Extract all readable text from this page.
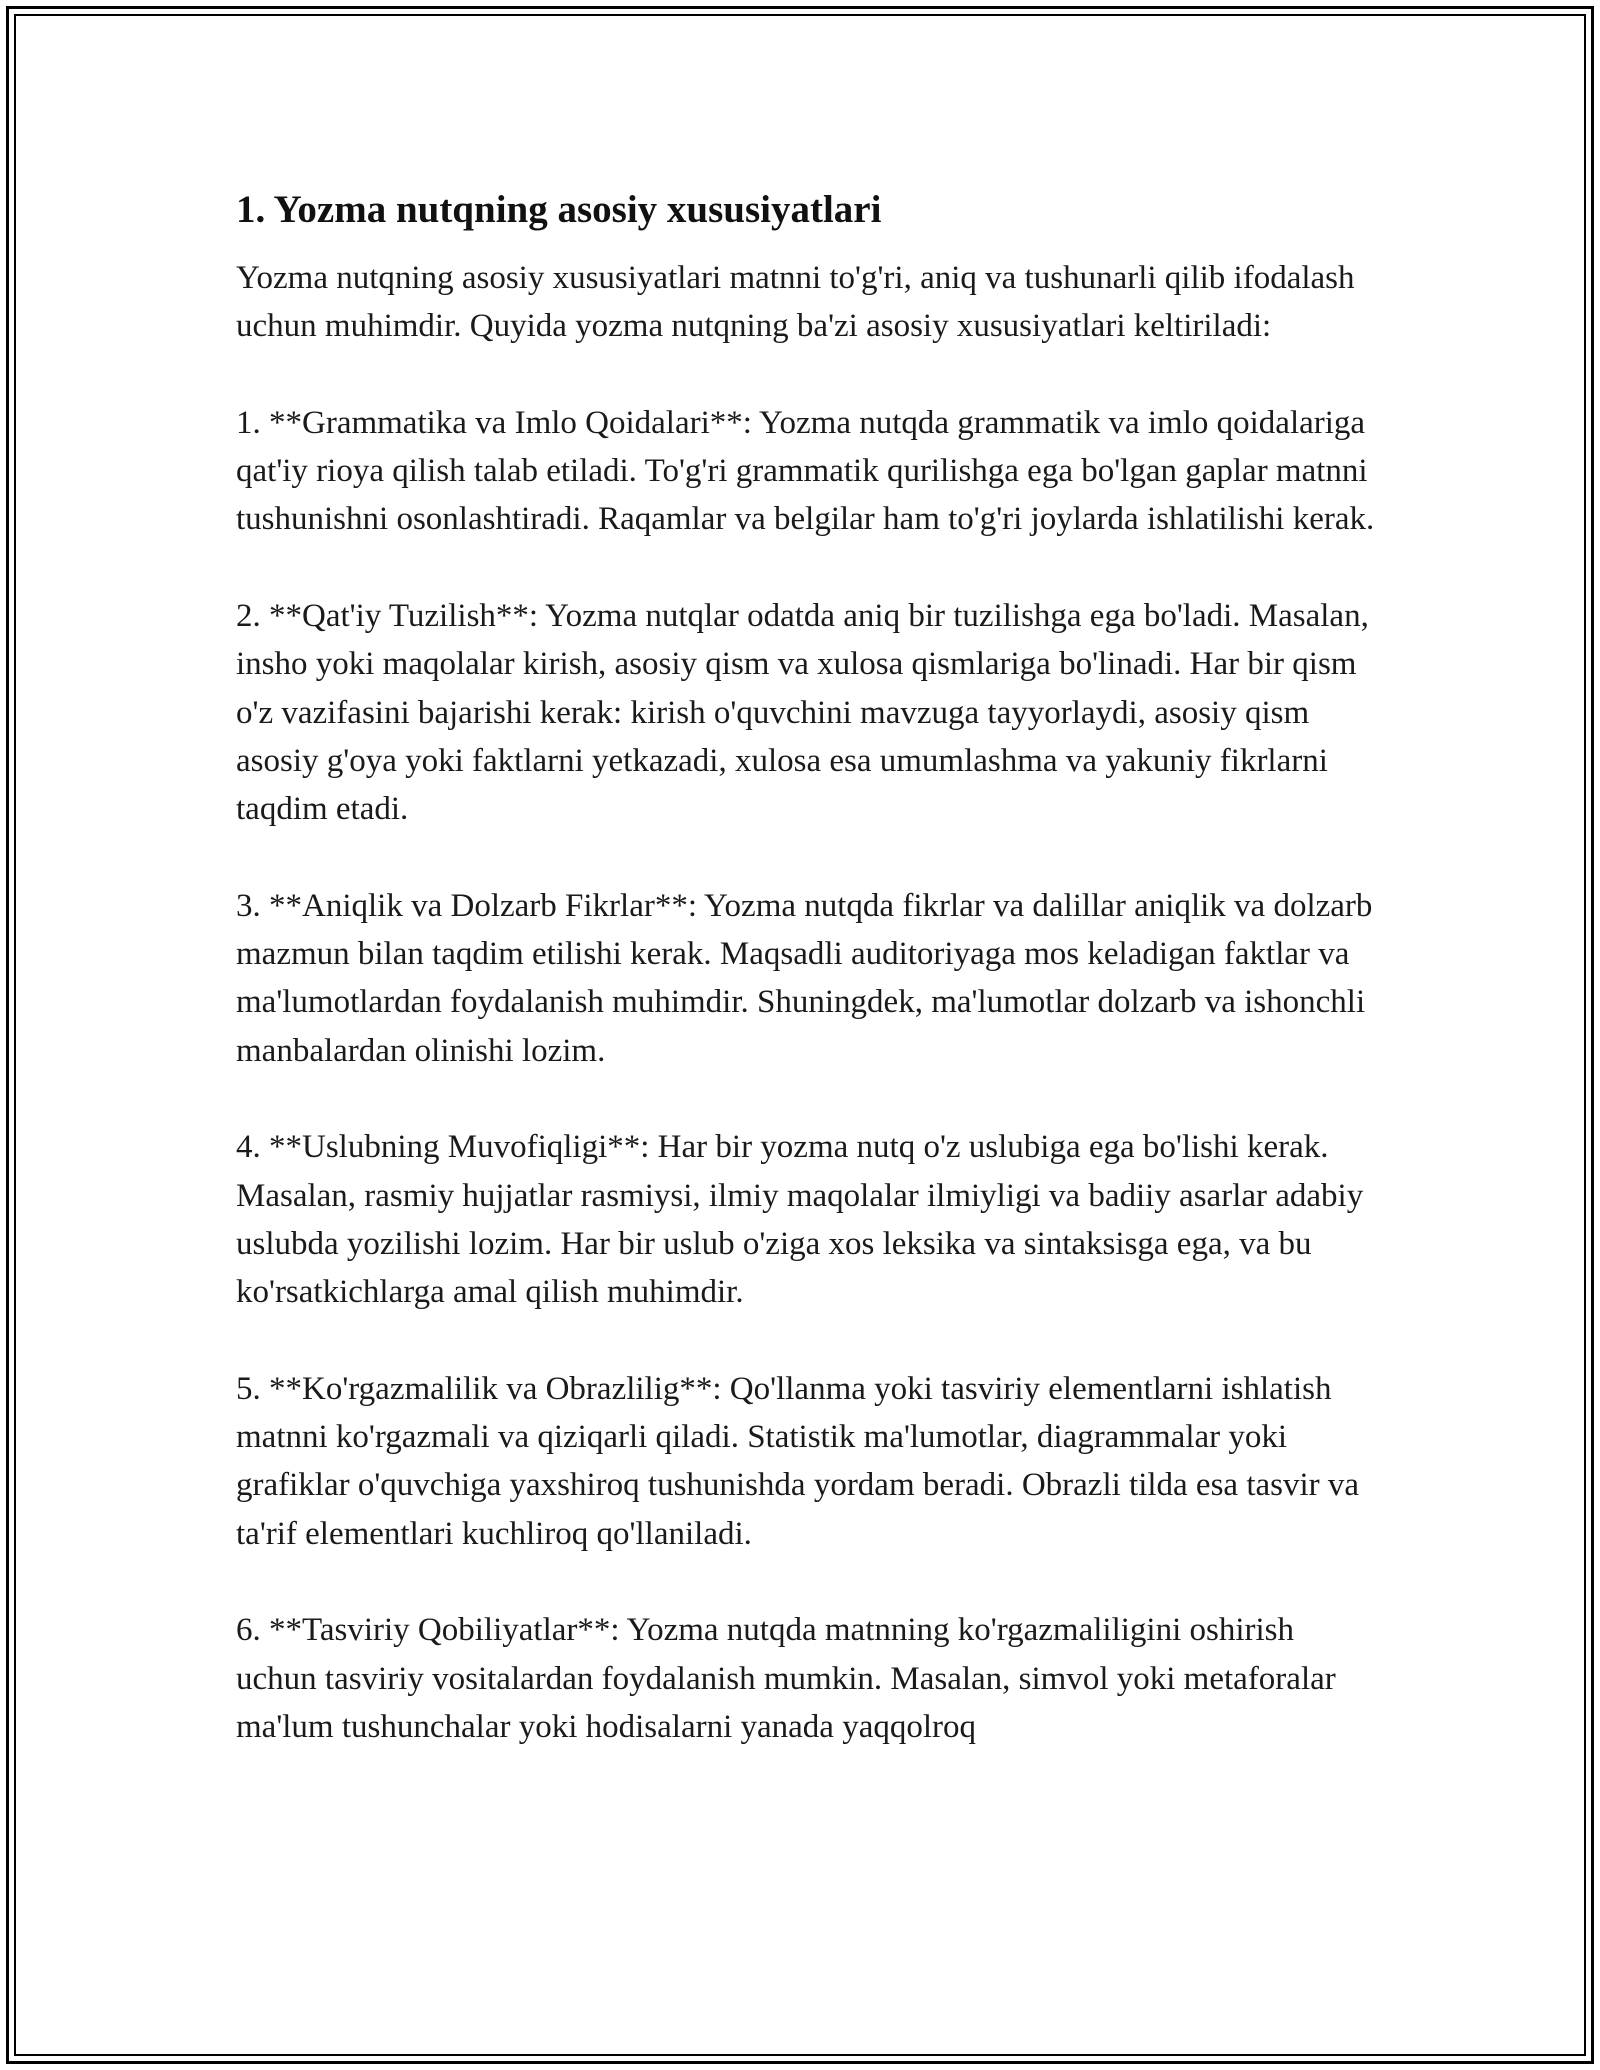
1. Yozma nutqning asosiy xususiyatlari

Yozma nutqning asosiy xususiyatlari matnni to'g'ri, aniq va tushunarli qilib ifodalash uchun muhimdir. Quyida yozma nutqning ba'zi asosiy xususiyatlari keltiriladi:

1. **Grammatika va Imlo Qoidalari**: Yozma nutqda grammatik va imlo qoidalariga qat'iy rioya qilish talab etiladi. To'g'ri grammatik qurilishga ega bo'lgan gaplar matnni tushunishni osonlashtiradi. Raqamlar va belgilar ham to'g'ri joylarda ishlatilishi kerak.

2. **Qat'iy Tuzilish**: Yozma nutqlar odatda aniq bir tuzilishga ega bo'ladi. Masalan, insho yoki maqolalar kirish, asosiy qism va xulosa qismlariga bo'linadi. Har bir qism o'z vazifasini bajarishi kerak: kirish o'quvchini mavzuga tayyorlaydi, asosiy qism asosiy g'oya yoki faktlarni yetkazadi, xulosa esa umumlashma va yakuniy fikrlarni taqdim etadi.

3. **Aniqlik va Dolzarb Fikrlar**: Yozma nutqda fikrlar va dalillar aniqlik va dolzarb mazmun bilan taqdim etilishi kerak. Maqsadli auditoriyaga mos keladigan faktlar va ma'lumotlardan foydalanish muhimdir. Shuningdek, ma'lumotlar dolzarb va ishonchli manbalardan olinishi lozim.

4. **Uslubning Muvofiqligi**: Har bir yozma nutq o'z uslubiga ega bo'lishi kerak. Masalan, rasmiy hujjatlar rasmiysi, ilmiy maqolalar ilmiyligi va badiiy asarlar adabiy uslubda yozilishi lozim. Har bir uslub o'ziga xos leksika va sintaksisga ega, va bu ko'rsatkichlarga amal qilish muhimdir.

5. **Ko'rgazmalilik va Obrazlilig**: Qo'llanma yoki tasviriy elementlarni ishlatish matnni ko'rgazmali va qiziqarli qiladi. Statistik ma'lumotlar, diagrammalar yoki grafiklar o'quvchiga yaxshiroq tushunishda yordam beradi. Obrazli tilda esa tasvir va ta'rif elementlari kuchliroq qo'llaniladi.

6. **Tasviriy Qobiliyatlar**: Yozma nutqda matnning ko'rgazmaliligini oshirish uchun tasviriy vositalardan foydalanish mumkin. Masalan, simvol yoki metaforalar ma'lum tushunchalar yoki hodisalarni yanada yaqqolroq
